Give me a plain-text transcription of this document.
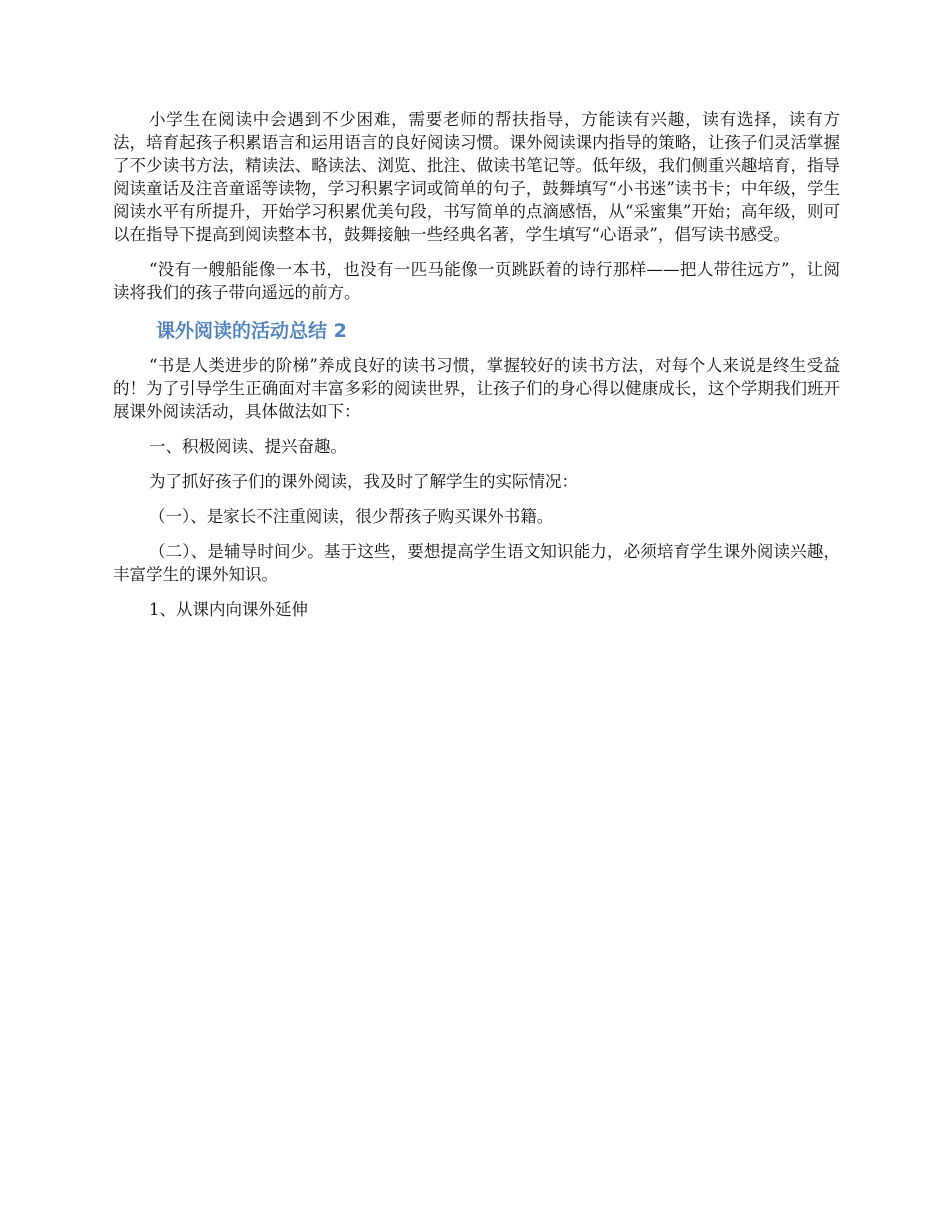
小学生在阅读中会遇到不少困难，需要老师的帮扶指导，方能读有兴趣，读有选择，读有方法，培育起孩子积累语言和运用语言的良好阅读习惯。课外阅读课内指导的策略，让孩子们灵活掌握了不少读书方法，精读法、略读法、浏览、批注、做读书笔记等。低年级，我们侧重兴趣培育，指导阅读童话及注音童谣等读物，学习积累字词或简单的句子，鼓舞填写“小书迷”读书卡；中年级，学生阅读水平有所提升，开始学习积累优美句段，书写简单的点滴感悟，从“采蜜集”开始；高年级，则可以在指导下提高到阅读整本书，鼓舞接触一些经典名著，学生填写“心语录”，倡写读书感受。

“没有一艘船能像一本书，也没有一匹马能像一页跳跃着的诗行那样——把人带往远方”，让阅读将我们的孩子带向遥远的前方。

课外阅读的活动总结 2

“书是人类进步的阶梯”养成良好的读书习惯，掌握较好的读书方法，对每个人来说是终生受益的！为了引导学生正确面对丰富多彩的阅读世界，让孩子们的身心得以健康成长，这个学期我们班开展课外阅读活动，具体做法如下：

一、积极阅读、提兴奋趣。

为了抓好孩子们的课外阅读，我及时了解学生的实际情况：

（一）、是家长不注重阅读，很少帮孩子购买课外书籍。

（二）、是辅导时间少。基于这些，要想提高学生语文知识能力，必须培育学生课外阅读兴趣，丰富学生的课外知识。

1、从课内向课外延伸
